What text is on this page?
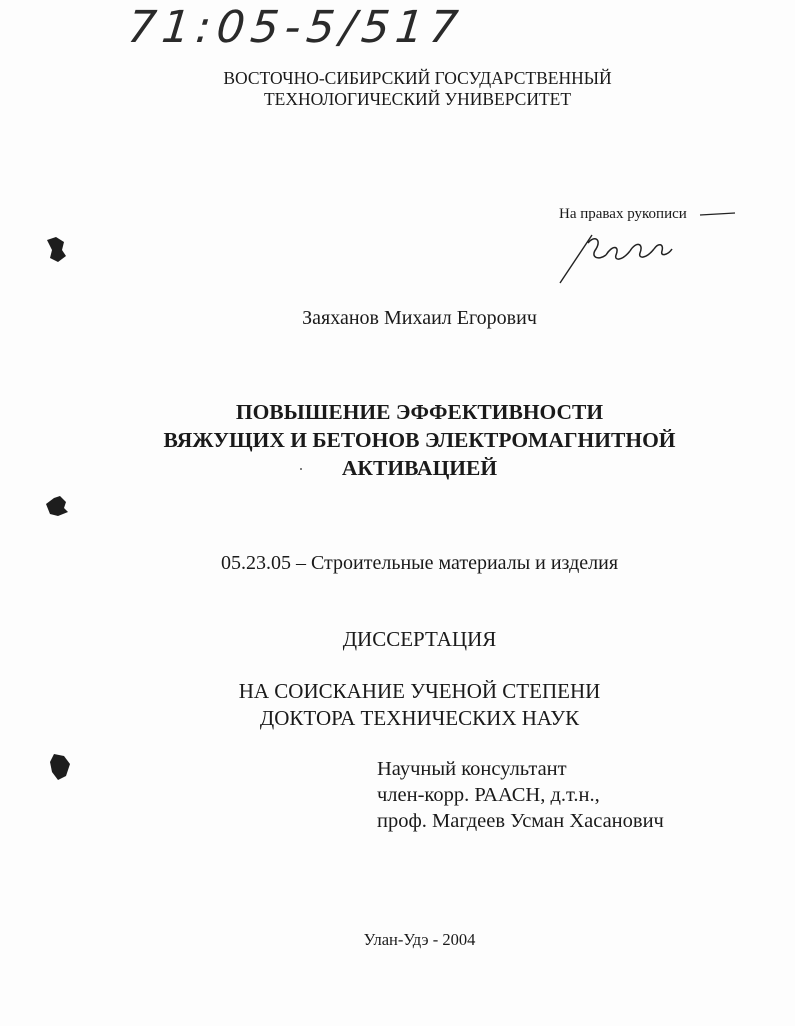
71:05-5/517
ВОСТОЧНО-СИБИРСКИЙ ГОСУДАРСТВЕННЫЙ
ТЕХНОЛОГИЧЕСКИЙ УНИВЕРСИТЕТ
На правах рукописи
Заяханов Михаил Егорович
ПОВЫШЕНИЕ ЭФФЕКТИВНОСТИ
ВЯЖУЩИХ И БЕТОНОВ ЭЛЕКТРОМАГНИТНОЙ
АКТИВАЦИЕЙ
05.23.05 – Строительные материалы и изделия
ДИССЕРТАЦИЯ
НА СОИСКАНИЕ УЧЕНОЙ СТЕПЕНИ
ДОКТОРА ТЕХНИЧЕСКИХ НАУК
Научный консультант
член-корр. РААСН, д.т.н.,
проф. Магдеев Усман Хасанович
Улан-Удэ - 2004
